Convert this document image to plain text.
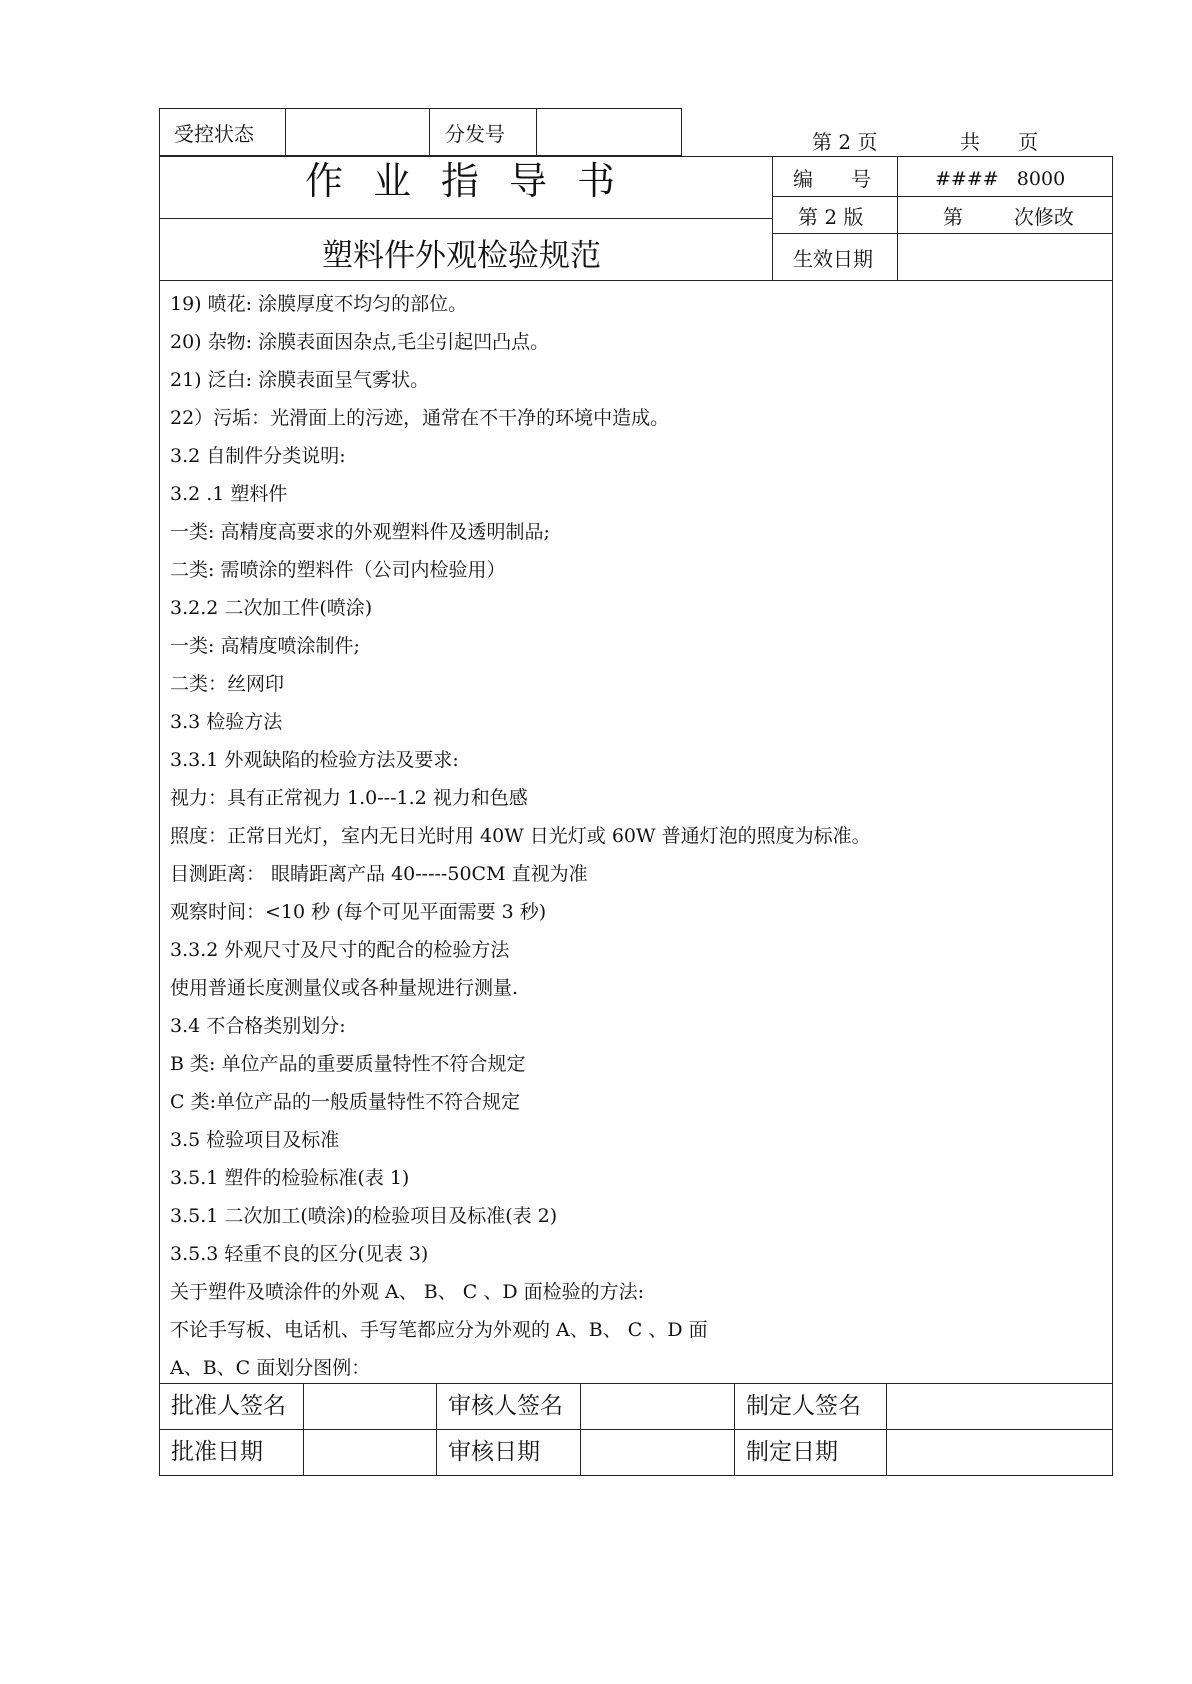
受控状态	分发号	第 2 页	共      页
作业指导书
塑料件外观检验规范
编      号	####   8000
第 2 版	第        次修改
生效日期
19) 喷花: 涂膜厚度不均匀的部位。
20) 杂物: 涂膜表面因杂点,毛尘引起凹凸点。
21) 泛白: 涂膜表面呈气雾状。
22）污垢：光滑面上的污迹，通常在不干净的环境中造成。
3.2 自制件分类说明:
3.2 .1 塑料件
一类: 高精度高要求的外观塑料件及透明制品;
二类: 需喷涂的塑料件（公司内检验用）
3.2.2 二次加工件(喷涂)
一类: 高精度喷涂制件;
二类：丝网印
3.3 检验方法
3.3.1 外观缺陷的检验方法及要求:
视力：具有正常视力 1.0---1.2 视力和色感
照度：正常日光灯，室内无日光时用 40W 日光灯或 60W 普通灯泡的照度为标准。
目测距离： 眼睛距离产品 40-----50CM 直视为准
观察时间：<10 秒 (每个可见平面需要 3 秒)
3.3.2 外观尺寸及尺寸的配合的检验方法
使用普通长度测量仪或各种量规进行测量.
3.4 不合格类别划分:
B 类: 单位产品的重要质量特性不符合规定
C 类:单位产品的一般质量特性不符合规定
3.5 检验项目及标准
3.5.1 塑件的检验标准(表 1)
3.5.1 二次加工(喷涂)的检验项目及标准(表 2)
3.5.3 轻重不良的区分(见表 3)
关于塑件及喷涂件的外观 A、 B、 C 、D 面检验的方法:
不论手写板、电话机、手写笔都应分为外观的 A、B、 C 、D 面
A、B、C 面划分图例：
批准人签名	审核人签名	制定人签名
批准日期	审核日期	制定日期
